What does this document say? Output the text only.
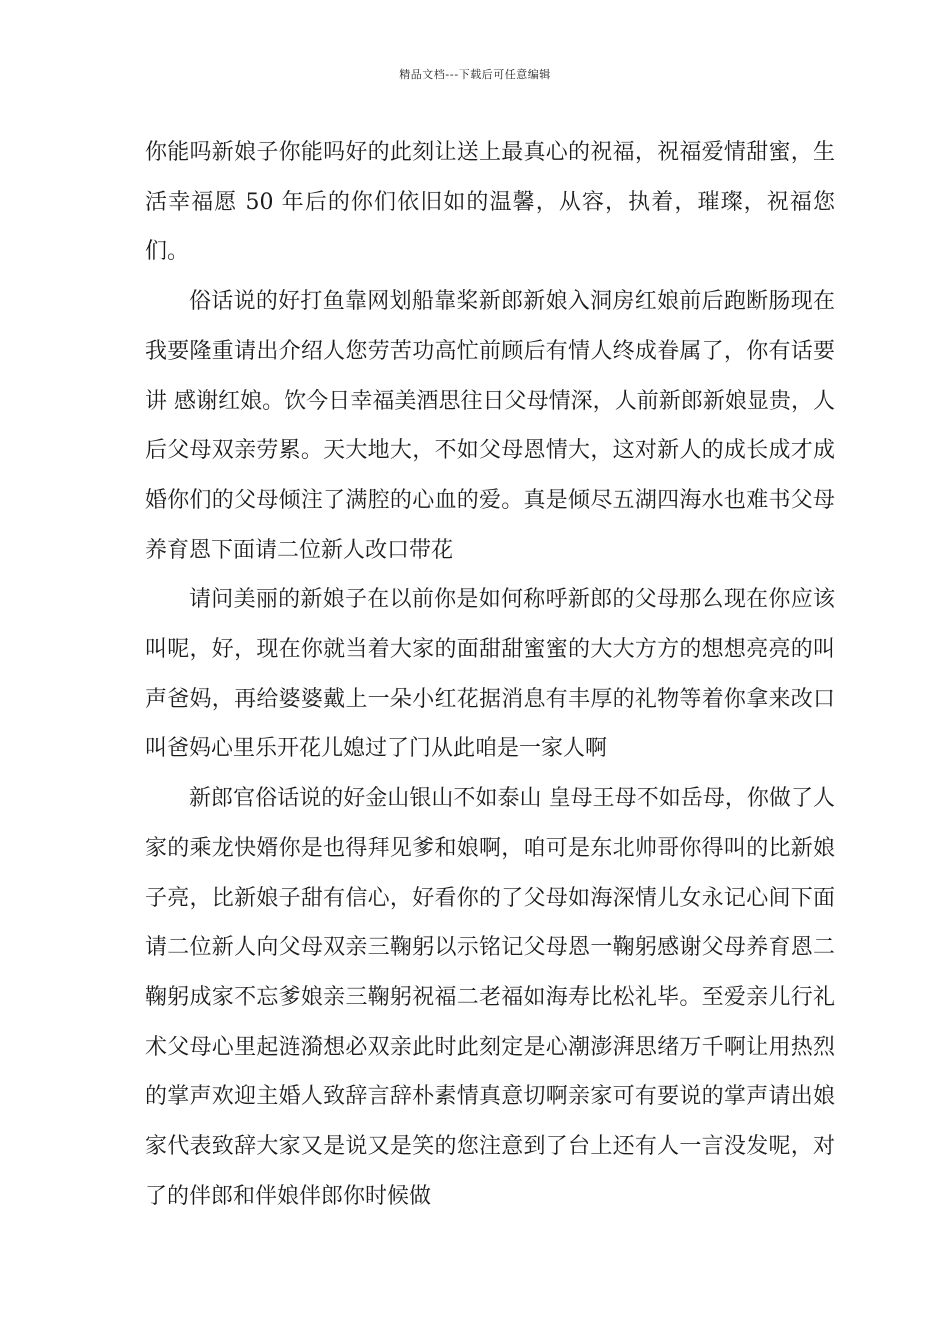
精品文档---下载后可任意编辑

你能吗新娘子你能吗好的此刻让送上最真心的祝福，祝福爱情甜蜜，生活幸福愿 50 年后的你们依旧如的温馨，从容，执着，璀璨，祝福您们。

俗话说的好打鱼靠网划船靠桨新郎新娘入洞房红娘前后跑断肠现在我要隆重请出介绍人您劳苦功高忙前顾后有情人终成眷属了，你有话要讲 感谢红娘。饮今日幸福美酒思往日父母情深，人前新郎新娘显贵，人后父母双亲劳累。天大地大，不如父母恩情大，这对新人的成长成才成婚你们的父母倾注了满腔的心血的爱。真是倾尽五湖四海水也难书父母养育恩下面请二位新人改口带花

请问美丽的新娘子在以前你是如何称呼新郎的父母那么现在你应该叫呢，好，现在你就当着大家的面甜甜蜜蜜的大大方方的想想亮亮的叫声爸妈，再给婆婆戴上一朵小红花据消息有丰厚的礼物等着你拿来改口叫爸妈心里乐开花儿媳过了门从此咱是一家人啊

新郎官俗话说的好金山银山不如泰山 皇母王母不如岳母，你做了人家的乘龙快婿你是也得拜见爹和娘啊，咱可是东北帅哥你得叫的比新娘子亮，比新娘子甜有信心，好看你的了父母如海深情儿女永记心间下面请二位新人向父母双亲三鞠躬以示铭记父母恩一鞠躬感谢父母养育恩二鞠躬成家不忘爹娘亲三鞠躬祝福二老福如海寿比松礼毕。至爱亲儿行礼术父母心里起涟漪想必双亲此时此刻定是心潮澎湃思绪万千啊让用热烈的掌声欢迎主婚人致辞言辞朴素情真意切啊亲家可有要说的掌声请出娘家代表致辞大家又是说又是笑的您注意到了台上还有人一言没发呢，对了的伴郎和伴娘伴郎你时候做
